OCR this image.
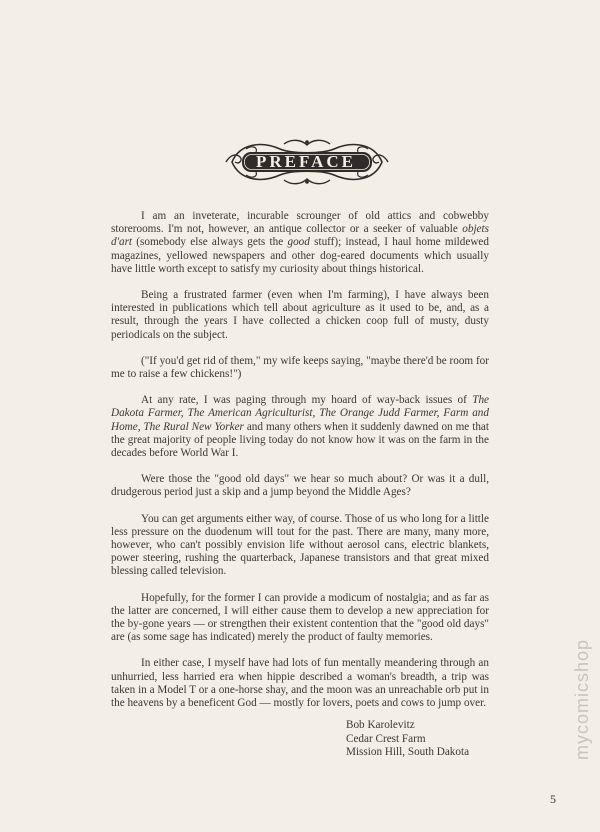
PREFACE

I am an inveterate, incurable scrounger of old attics and cobwebby storerooms. I'm not, however, an antique collector or a seeker of valuable objets d'art (somebody else always gets the good stuff); instead, I haul home mildewed magazines, yellowed newspapers and other dog-eared documents which usually have little worth except to satisfy my curiosity about things historical.

Being a frustrated farmer (even when I'm farming), I have always been interested in publications which tell about agriculture as it used to be, and, as a result, through the years I have collected a chicken coop full of musty, dusty periodicals on the subject.

("If you'd get rid of them," my wife keeps saying, "maybe there'd be room for me to raise a few chickens!")

At any rate, I was paging through my hoard of way-back issues of The Dakota Farmer, The American Agriculturist, The Orange Judd Farmer, Farm and Home, The Rural New Yorker and many others when it suddenly dawned on me that the great majority of people living today do not know how it was on the farm in the decades before World War I.

Were those the "good old days" we hear so much about? Or was it a dull, drudgerous period just a skip and a jump beyond the Middle Ages?

You can get arguments either way, of course. Those of us who long for a little less pressure on the duodenum will tout for the past. There are many, many more, however, who can't possibly envision life without aerosol cans, electric blankets, power steering, rushing the quarterback, Japanese transistors and that great mixed blessing called television.

Hopefully, for the former I can provide a modicum of nostalgia; and as far as the latter are concerned, I will either cause them to develop a new appreciation for the by-gone years — or strengthen their existent contention that the "good old days" are (as some sage has indicated) merely the product of faulty memories.

In either case, I myself have had lots of fun mentally meandering through an unhurried, less harried era when hippie described a woman's breadth, a trip was taken in a Model T or a one-horse shay, and the moon was an unreachable orb put in the heavens by a beneficent God — mostly for lovers, poets and cows to jump over.

Bob Karolevitz
Cedar Crest Farm
Mission Hill, South Dakota
5
mycomicshop
